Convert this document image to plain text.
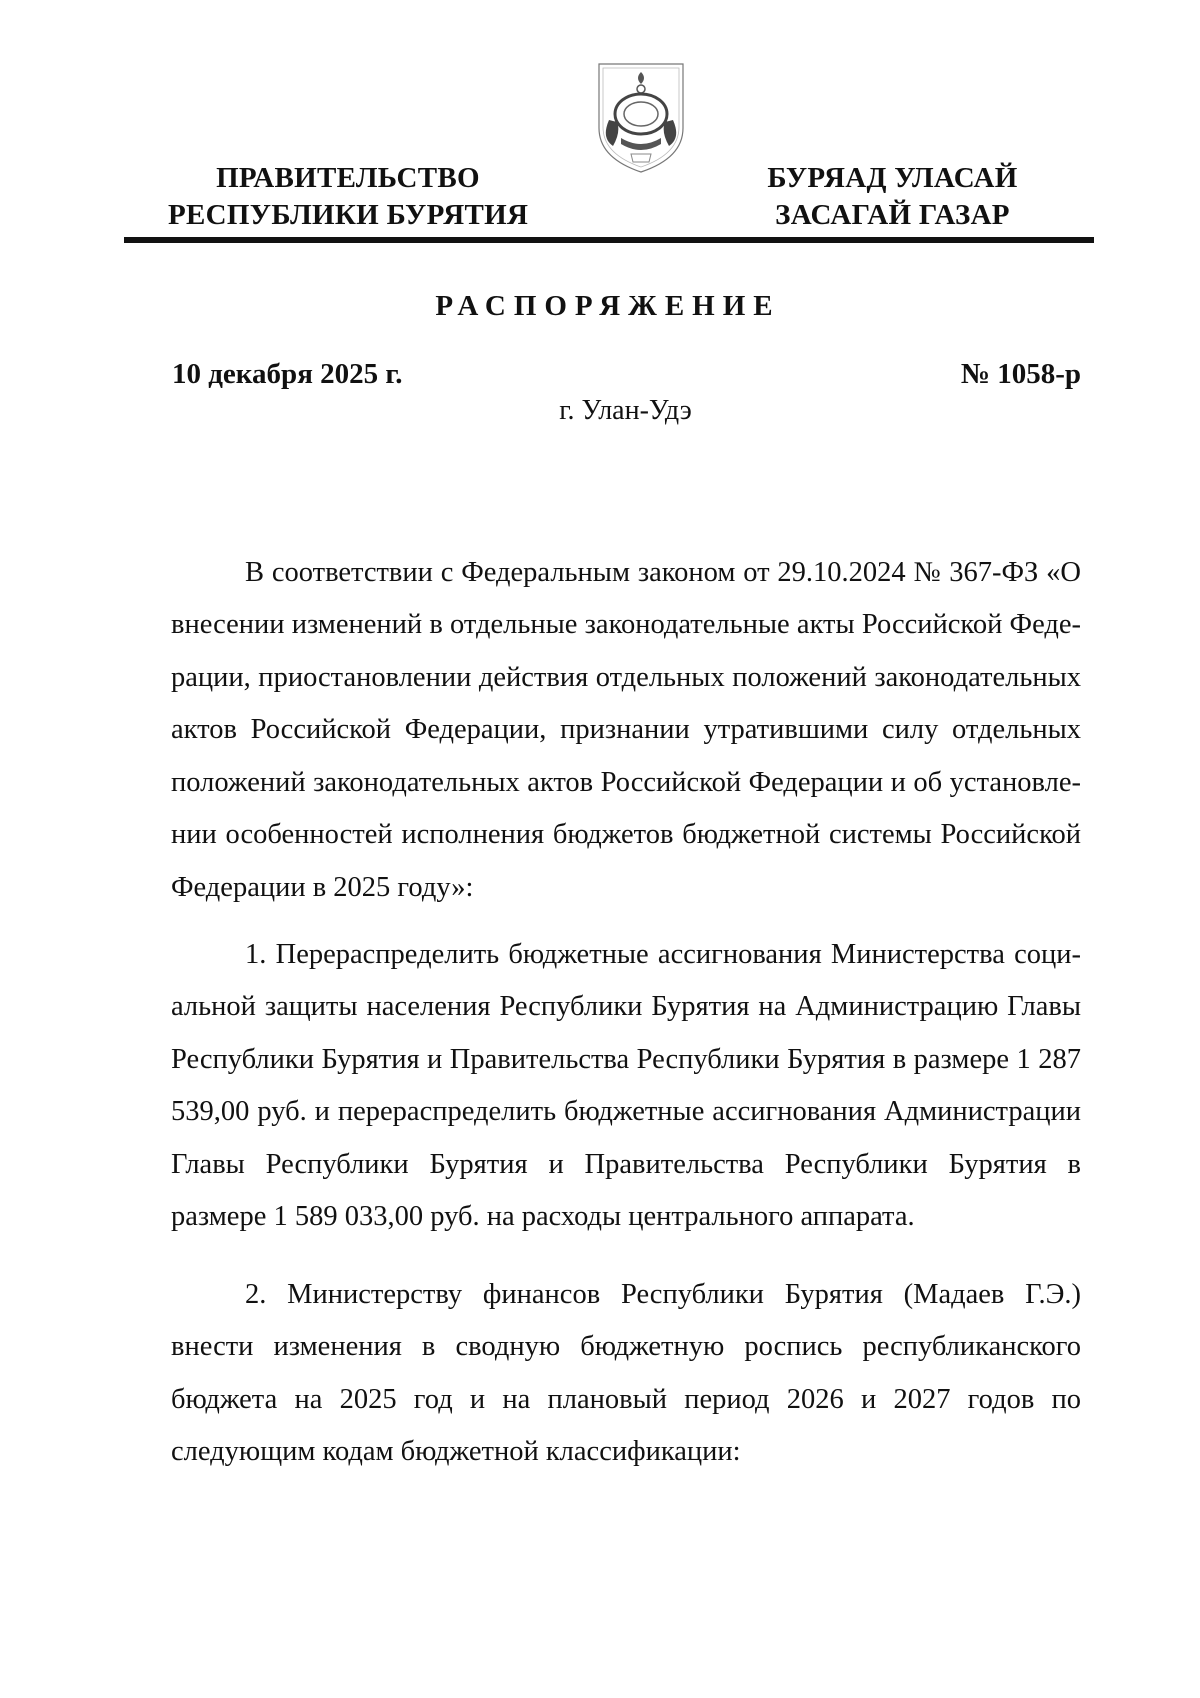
ПРАВИТЕЛЬСТВО
РЕСПУБЛИКИ БУРЯТИЯ
БУРЯАД УЛАСАЙ
ЗАСАГАЙ ГАЗАР
РАСПОРЯЖЕНИЕ
10 декабря 2025 г.	№ 1058-р
г. Улан-Удэ

В соответствии с Федеральным законом от 29.10.2024 № 367-ФЗ «О внесении изменений в отдельные законодательные акты Российской Федерации, приостановлении действия отдельных положений законодательных актов Российской Федерации, признании утратившими силу отдельных положений законодательных актов Российской Федерации и об установлении особенностей исполнения бюджетов бюджетной системы Российской Федерации в 2025 году»:

1. Перераспределить бюджетные ассигнования Министерства социальной защиты населения Республики Бурятия на Администрацию Главы Республики Бурятия и Правительства Республики Бурятия в размере 1 287 539,00 руб. и перераспределить бюджетные ассигнования Администрации Главы Республики Бурятия и Правительства Республики Бурятия в размере 1 589 033,00 руб. на расходы центрального аппарата.

2. Министерству финансов Республики Бурятия (Мадаев Г.Э.) внести изменения в сводную бюджетную роспись республиканского бюджета на 2025 год и на плановый период 2026 и 2027 годов по следующим кодам бюджетной классификации:
